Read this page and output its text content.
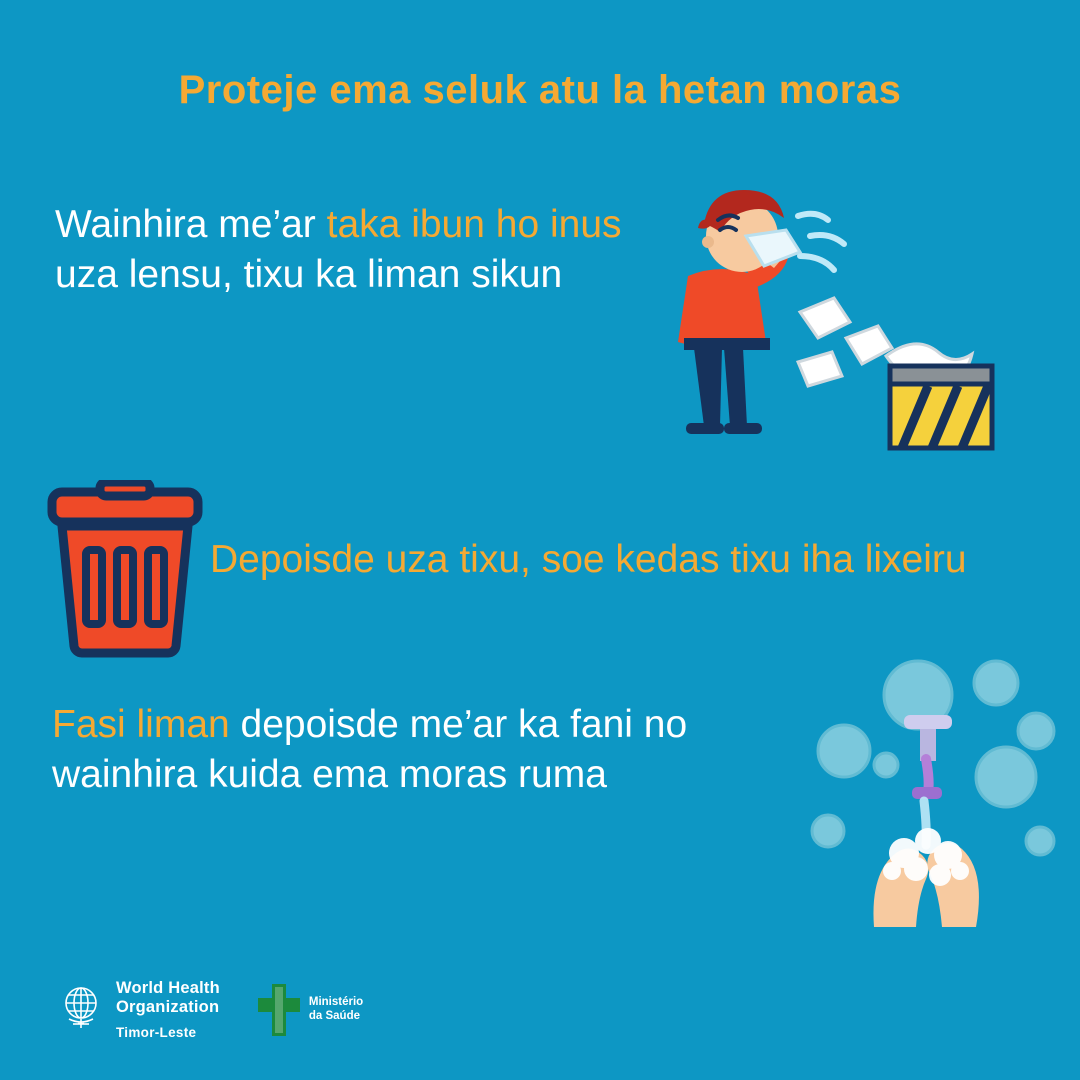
Proteje ema seluk atu la hetan moras
Wainhira me’ar taka ibun ho inus uza lensu, tixu ka liman sikun
Depoisde uza tixu, soe kedas tixu iha lixeiru
Fasi liman depoisde me’ar ka fani no wainhira kuida ema moras ruma
World Health
Organization
Timor-Leste
Ministério
da Saúde
